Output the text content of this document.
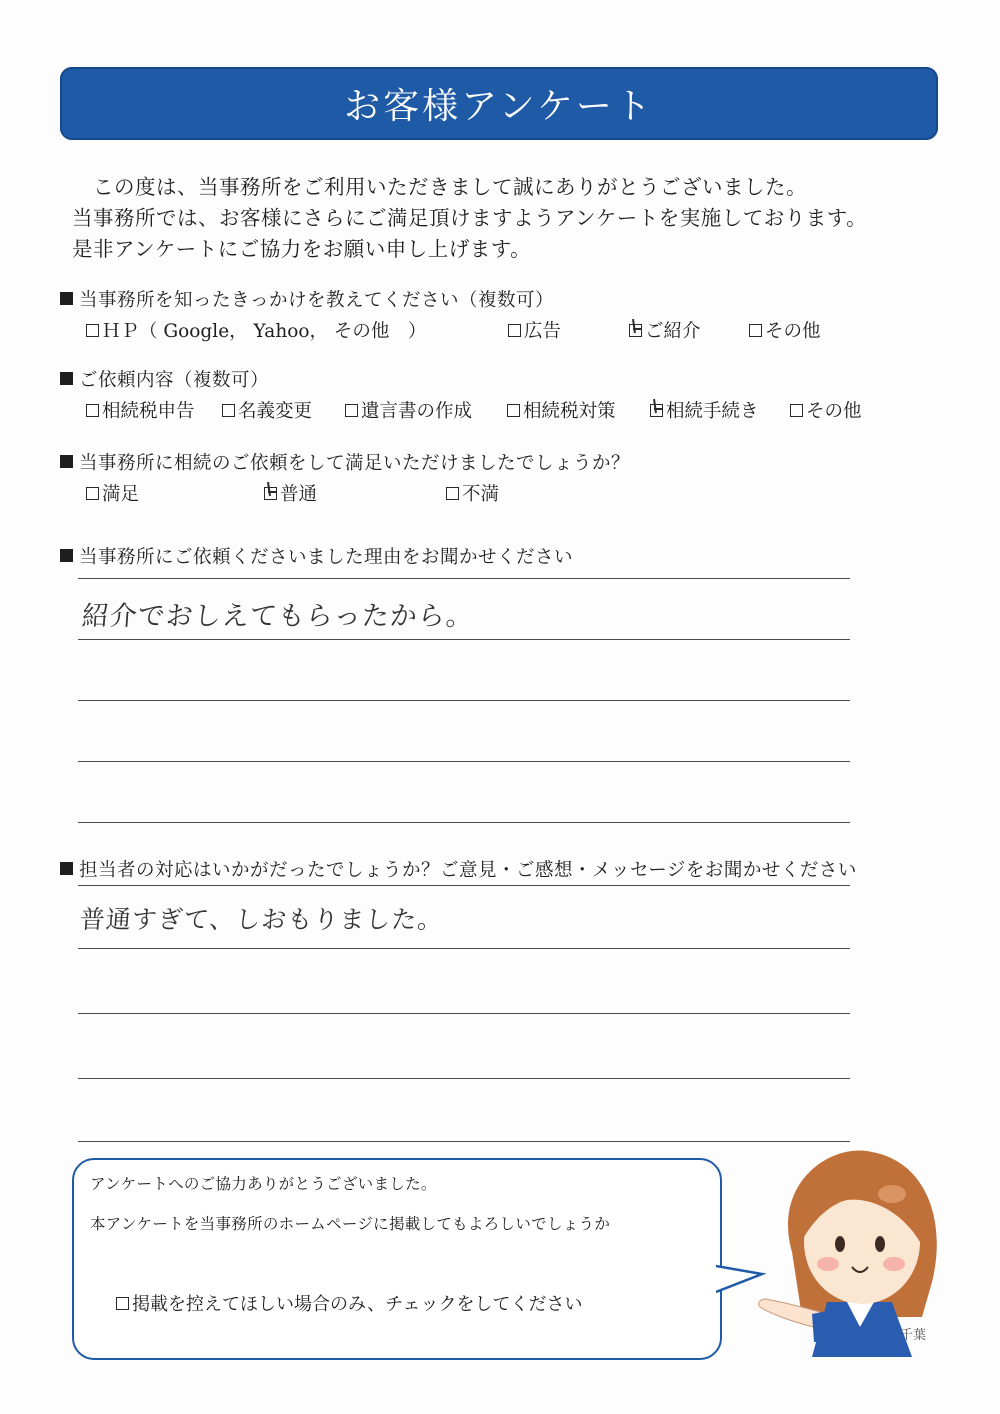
お客様アンケート
　この度は、当事務所をご利用いただきまして誠にありがとうございました。
当事務所では、お客様にさらにご満足頂けますようアンケートを実施しております。
是非アンケートにご協力をお願い申し上げます。
当事務所を知ったきっかけを教えてください（複数可）
ＨＰ（ Google， Yahoo， その他　）	広告	ご紹介	その他
ご依頼内容（複数可）
相続税申告 名義変更	遺言書の作成	相続税対策	相続手続き	その他
当事務所に相続のご依頼をして満足いただけましたでしょうか？
満足	普通	不満
当事務所にご依頼くださいました理由をお聞かせください
紹介でおしえてもらったから。
担当者の対応はいかがだったでしょうか？ご意見・ご感想・メッセージをお聞かせください
普通すぎて、しおもりました。
アンケートへのご協力ありがとうございました。
本アンケートを当事務所のホームページに掲載してもよろしいでしょうか
掲載を控えてほしい場合のみ、チェックをしてください
千葉
